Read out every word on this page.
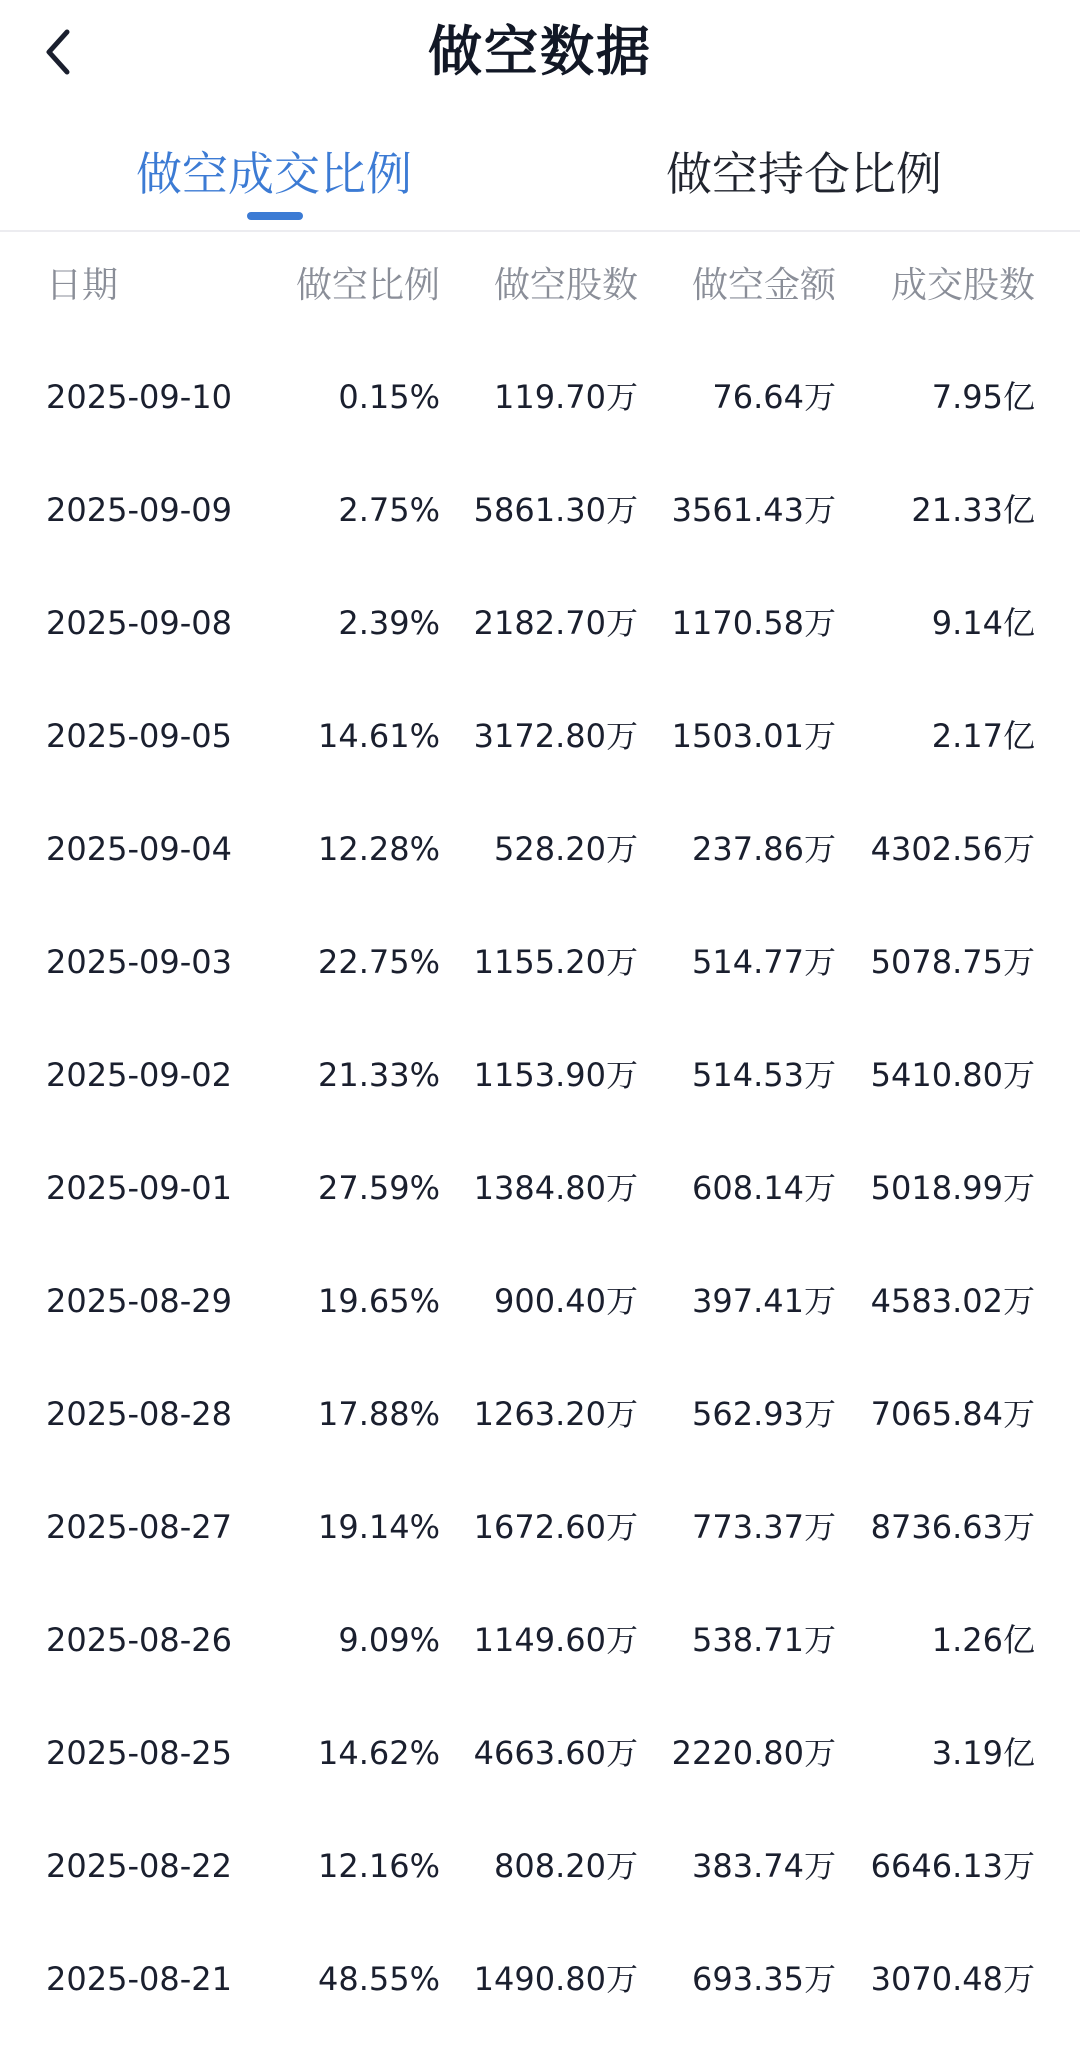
做空数据
做空成交比例	做空持仓比例
日期	做空比例 做空股数 做空金额 成交股数
2025-09-10	0.15% 119.70万 76.64万	7.95亿
2025-09-09	2.75% 5861.30万 3561.43万 21.33亿
2025-09-08	2.39% 2182.70万 1170.58万	9.14亿
2025-09-05	14.61% 3172.80万 1503.01万	2.17亿
2025-09-04	12.28% 528.20万 237.86万 4302.56万
2025-09-03	22.75% 1155.20万 514.77万 5078.75万
2025-09-02	21.33% 1153.90万 514.53万 5410.80万
2025-09-01	27.59% 1384.80万 608.14万 5018.99万
2025-08-29	19.65% 900.40万 397.41万 4583.02万
2025-08-28	17.88% 1263.20万 562.93万 7065.84万
2025-08-27	19.14% 1672.60万 773.37万 8736.63万
2025-08-26	9.09% 1149.60万 538.71万	1.26亿
2025-08-25	14.62% 4663.60万 2220.80万	3.19亿
2025-08-22	12.16% 808.20万 383.74万 6646.13万
2025-08-21	48.55% 1490.80万 693.35万 3070.48万
